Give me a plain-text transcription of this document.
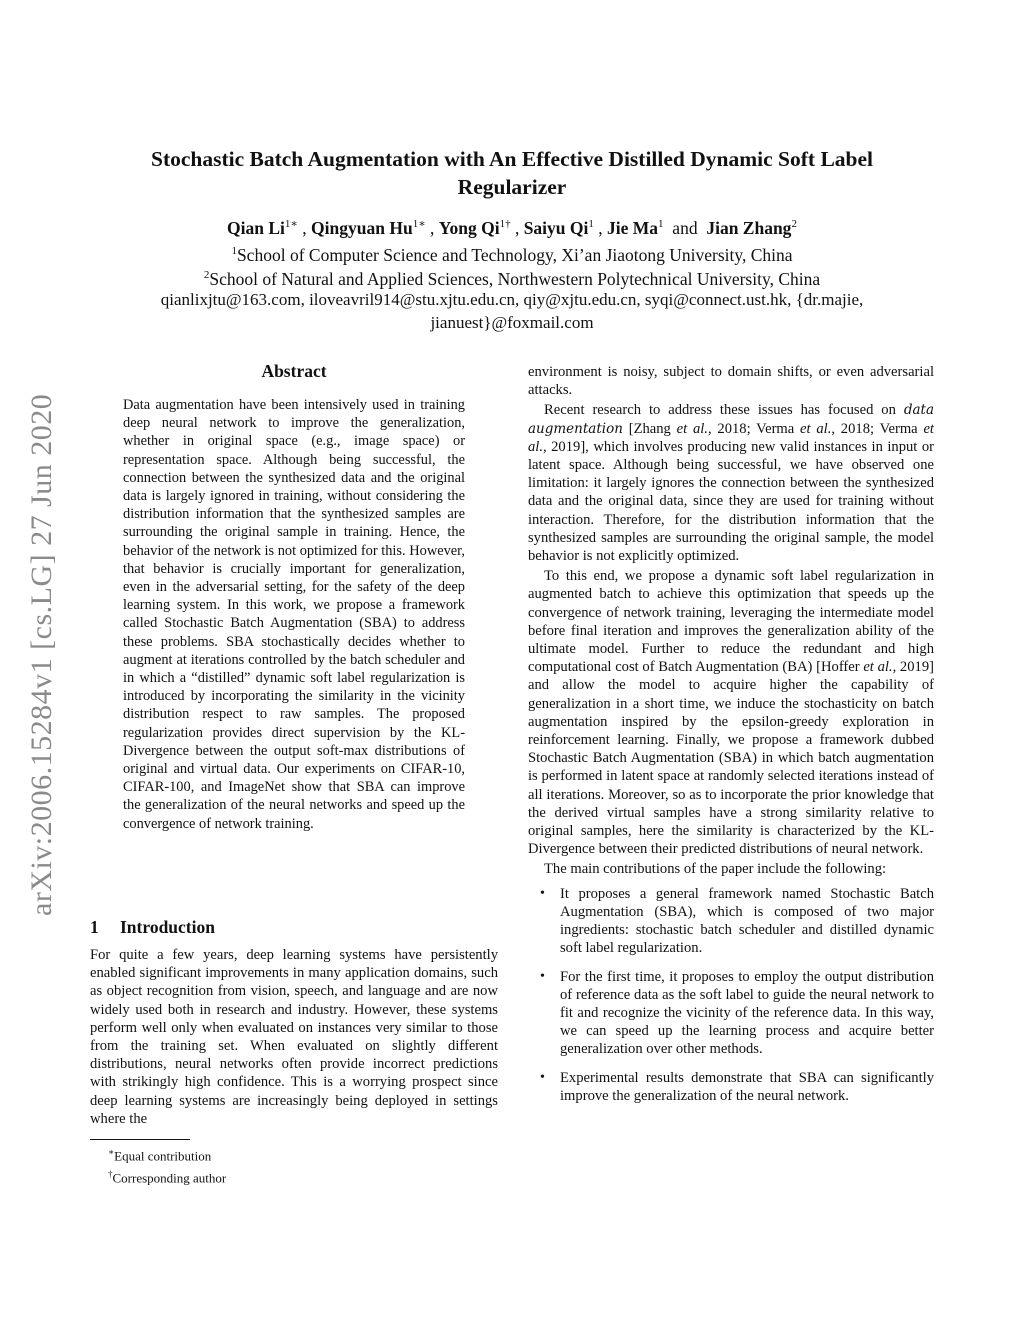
arXiv:2006.15284v1 [cs.LG] 27 Jun 2020
Stochastic Batch Augmentation with An Effective Distilled Dynamic Soft Label
Regularizer
Qian $Li^{1∗}$ , Qingyuan $Hu^{1∗}$ , Yong $Qi^{1\dagger}$ , Saiyu Qi$^1$ , Jie Ma$^1$  and  Jian Zhang$^2$
$^1$School of Computer Science and Technology, Xi’an Jiaotong University, China
$^2$School of Natural and Applied Sciences, Northwestern Polytechnical University, China
qianlixjtu@163.com, iloveavril914@stu.xjtu.edu.cn, qiy@xjtu.edu.cn, syqi@connect.ust.hk, {dr.majie,
jianuest}@foxmail.com
Abstract

Data augmentation have been intensively used in training deep neural network to improve the generalization, whether in original space (e.g., image space) or representation space. Although being successful, the connection between the synthesized data and the original data is largely ignored in training, without considering the distribution information that the synthesized samples are surrounding the original sample in training. Hence, the behavior of the network is not optimized for this. However, that behavior is crucially important for generalization, even in the adversarial setting, for the safety of the deep learning system. In this work, we propose a framework called Stochastic Batch Augmentation (SBA) to address these problems. SBA stochastically decides whether to augment at iterations controlled by the batch scheduler and in which a “distilled” dynamic soft label regularization is introduced by incorporating the similarity in the vicinity distribution respect to raw samples. The proposed regularization provides direct supervision by the KL-Divergence between the output soft-max distributions of original and virtual data. Our experiments on CIFAR-10, CIFAR-100, and ImageNet show that SBA can improve the generalization of the neural networks and speed up the convergence of network training.

1 Introduction

For quite a few years, deep learning systems have persistently enabled significant improvements in many application domains, such as object recognition from vision, speech, and language and are now widely used both in research and industry. However, these systems perform well only when evaluated on instances very similar to those from the training set. When evaluated on slightly different distributions, neural networks often provide incorrect predictions with strikingly high confidence. This is a worrying prospect since deep learning systems are increasingly being deployed in settings where the

∗Equal contribution
†Corresponding author

environment is noisy, subject to domain shifts, or even adversarial attacks.

Recent research to address these issues has focused on data augmentation [Zhang et al., 2018; Verma et al., 2018; Verma et al., 2019], which involves producing new valid instances in input or latent space. Although being successful, we have observed one limitation: it largely ignores the connection between the synthesized data and the original data, since they are used for training without interaction. Therefore, for the distribution information that the synthesized samples are surrounding the original sample, the model behavior is not explicitly optimized.

To this end, we propose a dynamic soft label regularization in augmented batch to achieve this optimization that speeds up the convergence of network training, leveraging the intermediate model before final iteration and improves the generalization ability of the ultimate model. Further to reduce the redundant and high computational cost of Batch Augmentation (BA) [Hoffer et al., 2019] and allow the model to acquire higher the capability of generalization in a short time, we induce the stochasticity on batch augmentation inspired by the epsilon-greedy exploration in reinforcement learning. Finally, we propose a framework dubbed Stochastic Batch Augmentation (SBA) in which batch augmentation is performed in latent space at randomly selected iterations instead of all iterations. Moreover, so as to incorporate the prior knowledge that the derived virtual samples have a strong similarity relative to original samples, here the similarity is characterized by the KL-Divergence between their predicted distributions of neural network.

The main contributions of the paper include the following:

• It proposes a general framework named Stochastic Batch Augmentation (SBA), which is composed of two major ingredients: stochastic batch scheduler and distilled dynamic soft label regularization.
• For the first time, it proposes to employ the output distribution of reference data as the soft label to guide the neural network to fit and recognize the vicinity of the reference data. In this way, we can speed up the learning process and acquire better generalization over other methods.
• Experimental results demonstrate that SBA can significantly improve the generalization of the neural network.
